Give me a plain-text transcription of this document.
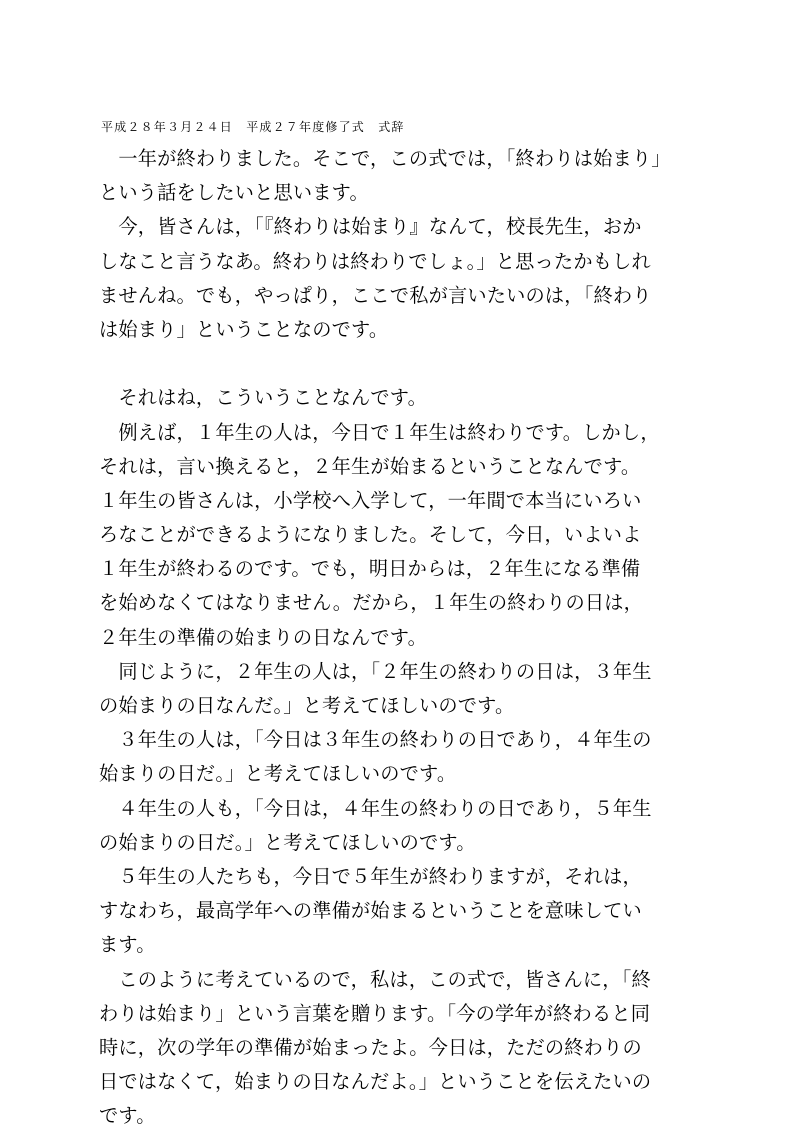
平成２８年３月２４日　平成２７年度修了式　式辞
　一年が終わりました。そこで，この式では，「終わりは始まり」
という話をしたいと思います。
　今，皆さんは，「『終わりは始まり』なんて，校長先生，おか
しなこと言うなあ。終わりは終わりでしょ。」と思ったかもしれ
ませんね。でも，やっぱり，ここで私が言いたいのは，「終わり
は始まり」ということなのです。
　それはね，こういうことなんです。
　例えば，１年生の人は，今日で１年生は終わりです。しかし，
それは，言い換えると，２年生が始まるということなんです。
１年生の皆さんは，小学校へ入学して，一年間で本当にいろい
ろなことができるようになりました。そして，今日，いよいよ
１年生が終わるのです。でも，明日からは，２年生になる準備
を始めなくてはなりません。だから，１年生の終わりの日は，
２年生の準備の始まりの日なんです。
　同じように，２年生の人は，「２年生の終わりの日は，３年生
の始まりの日なんだ。」と考えてほしいのです。
　３年生の人は，「今日は３年生の終わりの日であり，４年生の
始まりの日だ。」と考えてほしいのです。
　４年生の人も，「今日は，４年生の終わりの日であり，５年生
の始まりの日だ。」と考えてほしいのです。
　５年生の人たちも，今日で５年生が終わりますが，それは，
すなわち，最高学年への準備が始まるということを意味してい
ます。
　このように考えているので，私は，この式で，皆さんに，「終
わりは始まり」という言葉を贈ります。「今の学年が終わると同
時に，次の学年の準備が始まったよ。今日は，ただの終わりの
日ではなくて，始まりの日なんだよ。」ということを伝えたいの
です。
